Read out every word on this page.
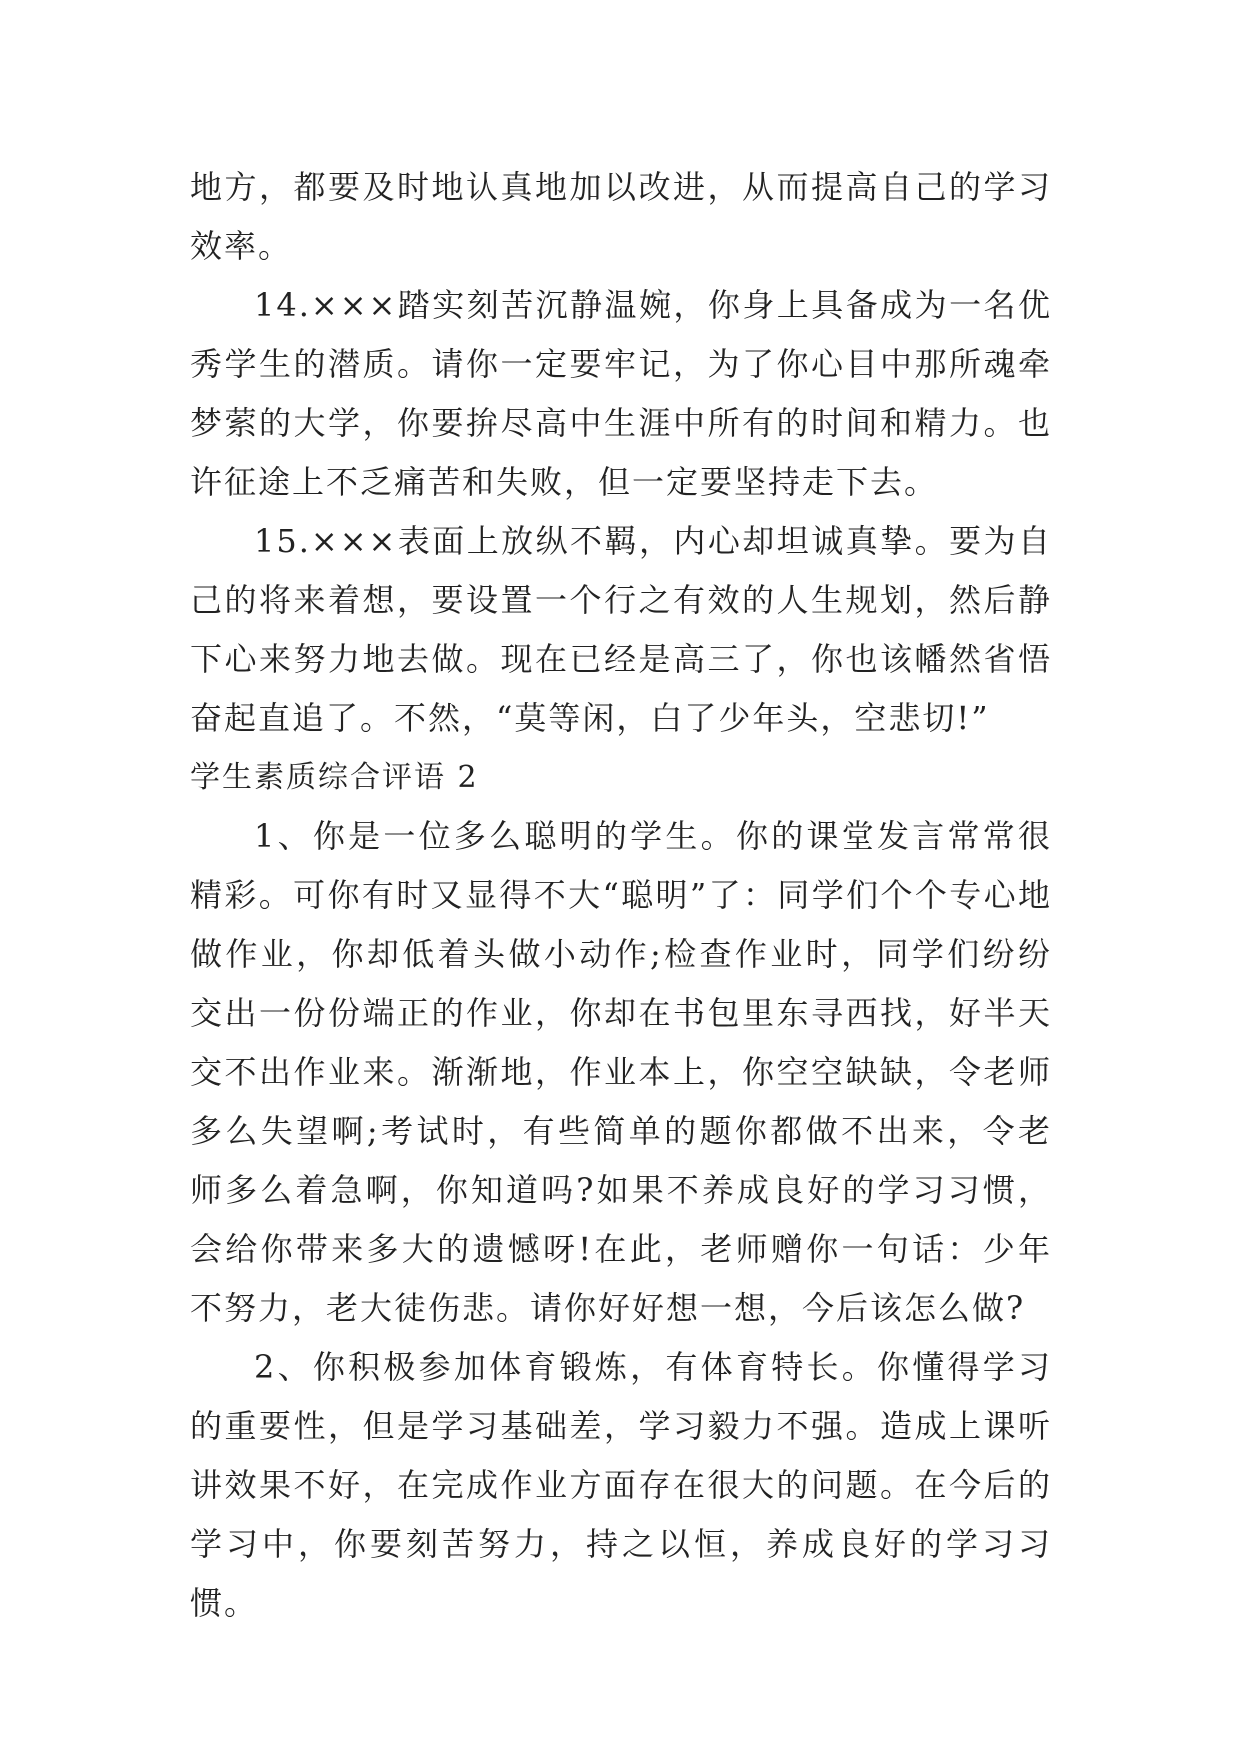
地方，都要及时地认真地加以改进，从而提高自己的学习效率。

14.×××踏实刻苦沉静温婉，你身上具备成为一名优秀学生的潜质。请你一定要牢记，为了你心目中那所魂牵梦萦的大学，你要拚尽高中生涯中所有的时间和精力。也许征途上不乏痛苦和失败，但一定要坚持走下去。

15.×××表面上放纵不羁，内心却坦诚真挚。要为自己的将来着想，要设置一个行之有效的人生规划，然后静下心来努力地去做。现在已经是高三了，你也该幡然省悟奋起直追了。不然，“莫等闲，白了少年头，空悲切!”

学生素质综合评语 2

1、你是一位多么聪明的学生。你的课堂发言常常很精彩。可你有时又显得不大“聪明”了：同学们个个专心地做作业，你却低着头做小动作;检查作业时，同学们纷纷交出一份份端正的作业，你却在书包里东寻西找，好半天交不出作业来。渐渐地，作业本上，你空空缺缺，令老师多么失望啊;考试时，有些简单的题你都做不出来，令老师多么着急啊，你知道吗?如果不养成良好的学习习惯，会给你带来多大的遗憾呀!在此，老师赠你一句话：少年不努力，老大徒伤悲。请你好好想一想，今后该怎么做?

2、你积极参加体育锻炼，有体育特长。你懂得学习的重要性，但是学习基础差，学习毅力不强。造成上课听讲效果不好，在完成作业方面存在很大的问题。在今后的学习中，你要刻苦努力，持之以恒，养成良好的学习习惯。
